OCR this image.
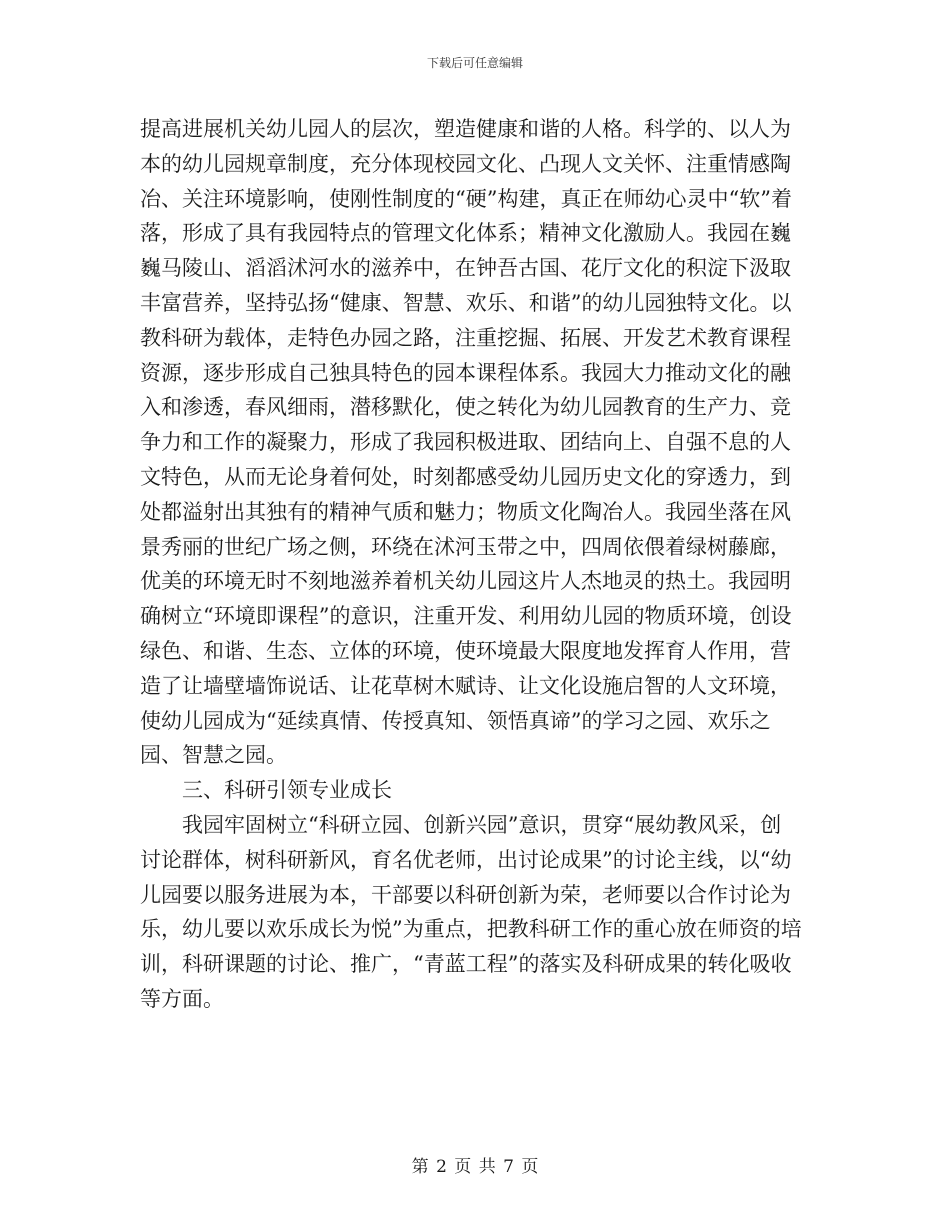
下载后可任意编辑

提高进展机关幼儿园人的层次，塑造健康和谐的人格。科学的、以人为本的幼儿园规章制度，充分体现校园文化、凸现人文关怀、注重情感陶冶、关注环境影响，使刚性制度的“硬”构建，真正在师幼心灵中“软”着落，形成了具有我园特点的管理文化体系；精神文化激励人。我园在巍巍马陵山、滔滔沭河水的滋养中，在钟吾古国、花厅文化的积淀下汲取丰富营养，坚持弘扬“健康、智慧、欢乐、和谐”的幼儿园独特文化。以教科研为载体，走特色办园之路，注重挖掘、拓展、开发艺术教育课程资源，逐步形成自己独具特色的园本课程体系。我园大力推动文化的融入和渗透，春风细雨，潜移默化，使之转化为幼儿园教育的生产力、竞争力和工作的凝聚力，形成了我园积极进取、团结向上、自强不息的人文特色，从而无论身着何处，时刻都感受幼儿园历史文化的穿透力，到处都溢射出其独有的精神气质和魅力；物质文化陶冶人。我园坐落在风景秀丽的世纪广场之侧，环绕在沭河玉带之中，四周依偎着绿树藤廊，优美的环境无时不刻地滋养着机关幼儿园这片人杰地灵的热土。我园明确树立“环境即课程”的意识，注重开发、利用幼儿园的物质环境，创设绿色、和谐、生态、立体的环境，使环境最大限度地发挥育人作用，营造了让墙壁墙饰说话、让花草树木赋诗、让文化设施启智的人文环境，使幼儿园成为“延续真情、传授真知、领悟真谛”的学习之园、欢乐之园、智慧之园。

三、科研引领专业成长

我园牢固树立“科研立园、创新兴园”意识，贯穿“展幼教风采，创讨论群体，树科研新风，育名优老师，出讨论成果”的讨论主线，以“幼儿园要以服务进展为本，干部要以科研创新为荣，老师要以合作讨论为乐，幼儿要以欢乐成长为悦”为重点，把教科研工作的重心放在师资的培训，科研课题的讨论、推广，“青蓝工程”的落实及科研成果的转化吸收等方面。

第 2 页 共 7 页
